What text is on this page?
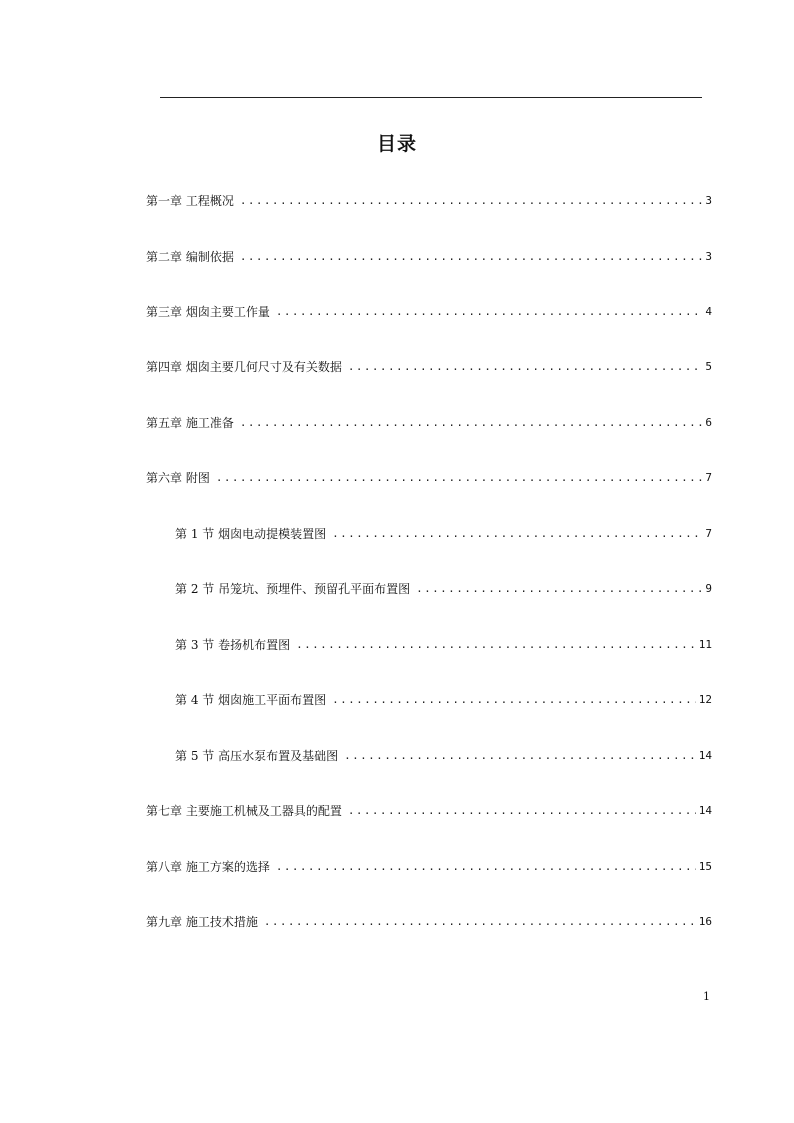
目录
第一章 工程概况 .....	3
第二章 编制依据 .....	3
第三章 烟囱主要工作量 .....	4
第四章 烟囱主要几何尺寸及有关数据 .....	5
第五章 施工准备 .....	6
第六章 附图 .....	7
第 1 节 烟囱电动提模装置图 .....	7
第 2 节 吊笼坑、预埋件、预留孔平面布置图 .....	9
第 3 节 卷扬机布置图 .....	11
第 4 节 烟囱施工平面布置图 .....	12
第 5 节 高压水泵布置及基础图 .....	14
第七章 主要施工机械及工器具的配置 .....	14
第八章 施工方案的选择 .....	15
第九章 施工技术措施 .....	16
1
